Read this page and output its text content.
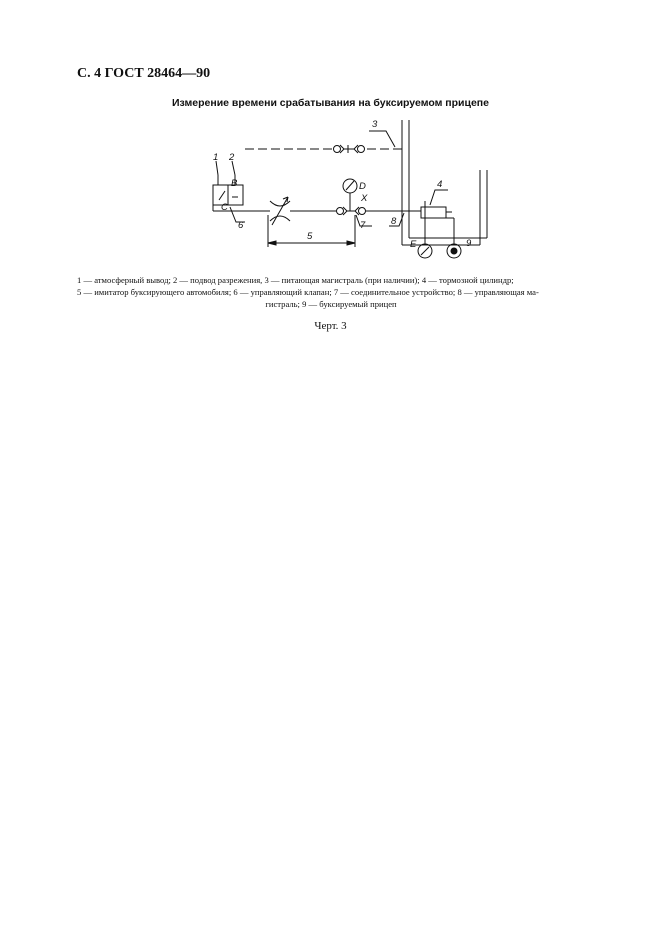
С. 4 ГОСТ 28464—90
Измерение времени срабатывания на буксируемом прицепе
3
1 2
B
C
6
D
X
5
7	8
4
E	9
1 — атмосферный вывод; 2 — подвод разрежения, 3 — питающая магистраль (при наличии); 4 — тормозной цилиндр;
5 — имитатор буксирующего автомобиля; 6 — управляющий клапан; 7 — соединительное устройство; 8 — управляющая ма-
гистраль; 9 — буксируемый прицеп
Черт. 3
